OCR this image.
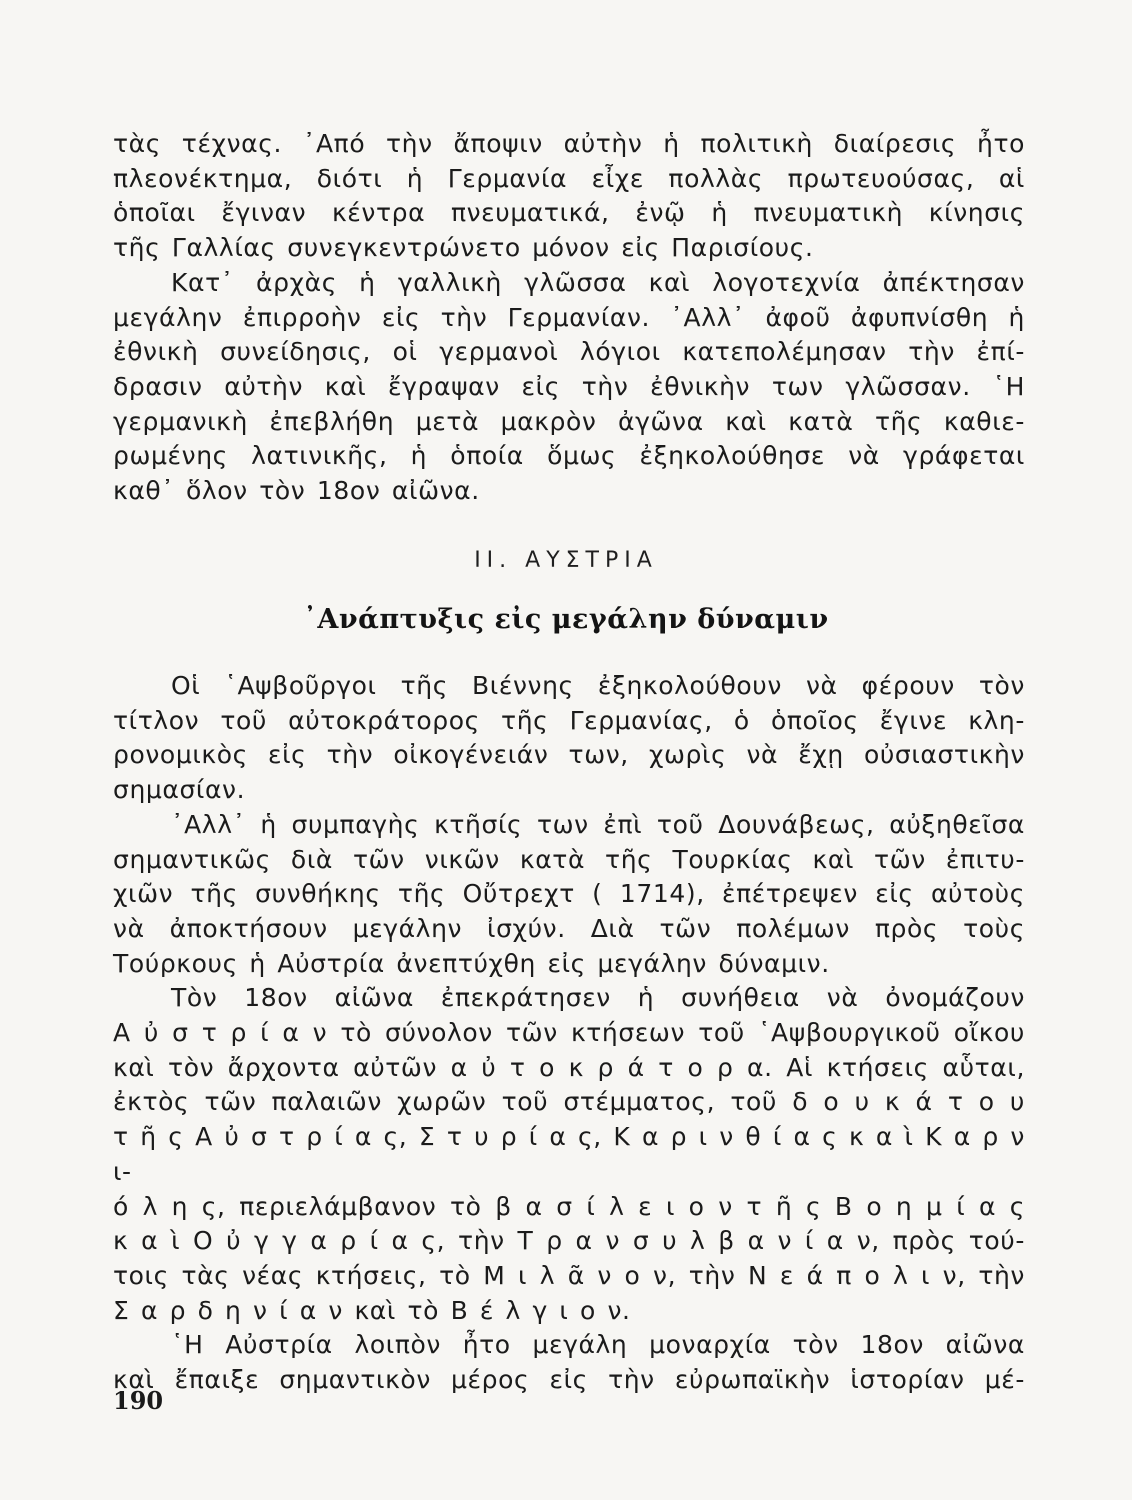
τὰς τέχνας. ᾿Από τὴν ἄποψιν αὐτὴν ἡ πολιτικὴ διαίρεσις ἦτο
πλεονέκτημα, διότι ἡ Γερμανία εἶχε πολλὰς πρωτευούσας, αἱ
ὁποῖαι ἔγιναν κέντρα πνευματικά, ἐνῷ ἡ πνευματικὴ κίνησις
τῆς Γαλλίας συνεγκεντρώνετο μόνον εἰς Παρισίους.
Κατ᾿ ἀρχὰς ἡ γαλλικὴ γλῶσσα καὶ λογοτεχνία ἀπέκτησαν
μεγάλην ἐπιρροὴν εἰς τὴν Γερμανίαν. ᾿Αλλ᾿ ἀφοῦ ἀφυπνίσθη ἡ
ἐθνικὴ συνείδησις, οἱ γερμανοὶ λόγιοι κατεπολέμησαν τὴν ἐπί-
δρασιν αὐτὴν καὶ ἔγραψαν εἰς τὴν ἐθνικὴν των γλῶσσαν. ῾Η
γερμανικὴ ἐπεβλήθη μετὰ μακρὸν ἀγῶνα καὶ κατὰ τῆς καθιε-
ρωμένης λατινικῆς, ἡ ὁποία ὅμως ἐξηκολούθησε νὰ γράφεται
καθ᾿ ὅλον τὸν 18ον αἰῶνα.
ΙΙ. ΑΥΣΤΡΙΑ
᾿Ανάπτυξις εἰς μεγάλην δύναμιν
Οἱ ῾Αψβοῦργοι τῆς Βιέννης ἐξηκολούθουν νὰ φέρουν τὸν
τίτλον τοῦ αὐτοκράτορος τῆς Γερμανίας, ὁ ὁποῖος ἔγινε κλη-
ρονομικὸς εἰς τὴν οἰκογένειάν των, χωρὶς νὰ ἔχῃ οὐσιαστικὴν
σημασίαν.
᾿Αλλ᾿ ἡ συμπαγὴς κτῆσίς των ἐπὶ τοῦ Δουνάβεως, αὐξηθεῖσα
σημαντικῶς διὰ τῶν νικῶν κατὰ τῆς Τουρκίας καὶ τῶν ἐπιτυ-
χιῶν τῆς συνθήκης τῆς Οὔτρεχτ ( 1714), ἐπέτρεψεν εἰς αὐτοὺς
νὰ ἀποκτήσουν μεγάλην ἰσχύν. Διὰ τῶν πολέμων πρὸς τοὺς
Τούρκους ἡ Αὐστρία ἀνεπτύχθη εἰς μεγάλην δύναμιν.
Τὸν 18ον αἰῶνα ἐπεκράτησεν ἡ συνήθεια νὰ ὀνομάζουν
Α ὐ σ τ ρ ί α ν τὸ σύνολον τῶν κτήσεων τοῦ ῾Αψβουργικοῦ οἴκου
καὶ τὸν ἄρχοντα αὐτῶν α ὐ τ ο κ ρ ά τ ο ρ α. Αἱ κτήσεις αὗται,
ἐκτὸς τῶν παλαιῶν χωρῶν τοῦ στέμματος, τοῦ δ ο υ κ ά τ ο υ
τ ῆ ς Α ὐ σ τ ρ ί α ς, Σ τ υ ρ ί α ς, Κ α ρ ι ν θ ί α ς κ α ὶ Κ α ρ ν ι-
ό λ η ς, περιελάμβανον τὸ β α σ ί λ ε ι ο ν τ ῆ ς Β ο η μ ί α ς
κ α ὶ Ο ὐ γ γ α ρ ί α ς, τὴν Τ ρ α ν σ υ λ β α ν ί α ν, πρὸς τού-
τοις τὰς νέας κτήσεις, τὸ Μ ι λ ᾶ ν ο ν, τὴν Ν ε ά π ο λ ι ν, τὴν
Σ α ρ δ η ν ί α ν καὶ τὸ Β έ λ γ ι ο ν.
῾Η Αὐστρία λοιπὸν ἦτο μεγάλη μοναρχία τὸν 18ον αἰῶνα
καὶ ἔπαιξε σημαντικὸν μέρος εἰς τὴν εὐρωπαϊκὴν ἱστορίαν μέ-
190
